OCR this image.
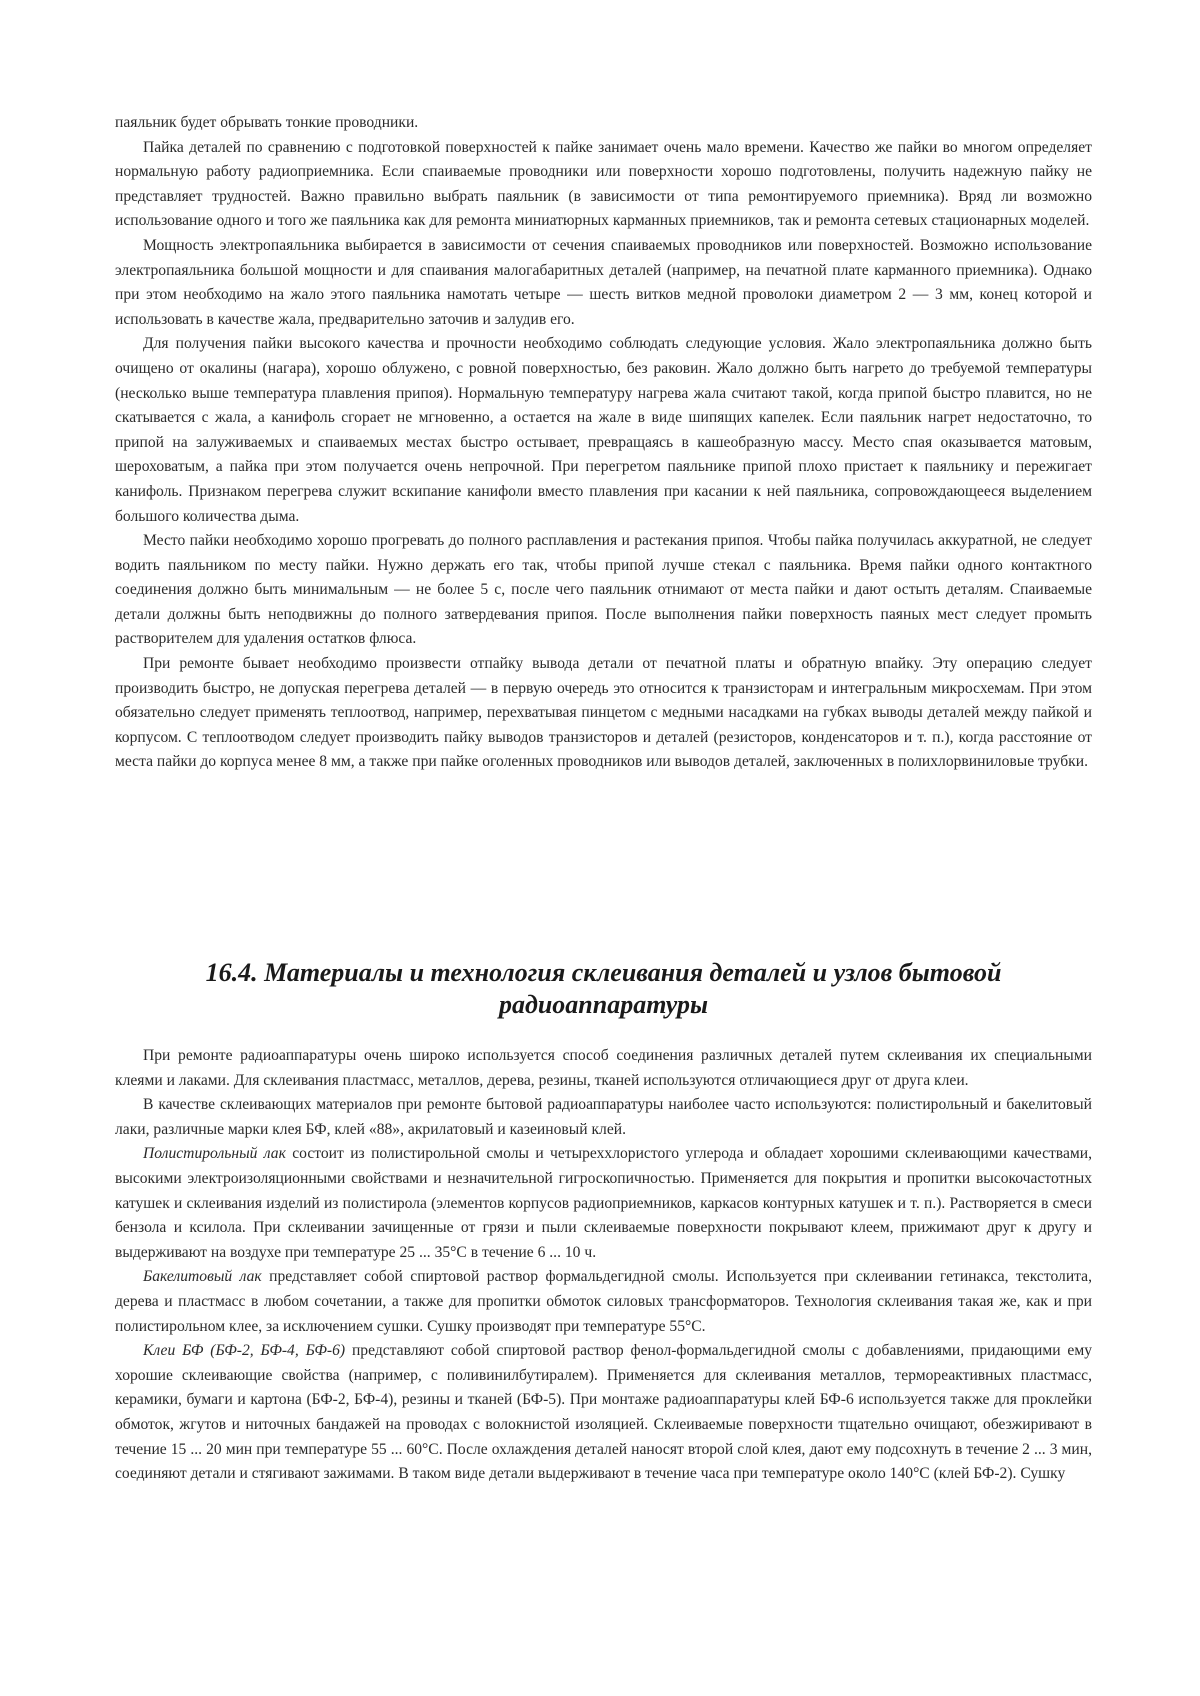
паяльник будет обрывать тонкие проводники.

Пайка деталей по сравнению с подготовкой поверхностей к пайке занимает очень мало времени. Качество же пайки во многом определяет нормальную работу радиоприемника. Если спаиваемые проводники или поверхности хорошо подготовлены, получить надежную пайку не представляет трудностей. Важно правильно выбрать паяльник (в зависимости от типа ремонтируемого приемника). Вряд ли возможно использование одного и того же паяльника как для ремонта миниатюрных карманных приемников, так и ремонта сетевых стационарных моделей.

Мощность электропаяльника выбирается в зависимости от сечения спаиваемых проводников или поверхностей. Возможно использование электропаяльника большой мощности и для спаивания малогабаритных деталей (например, на печатной плате карманного приемника). Однако при этом необходимо на жало этого паяльника намотать четыре — шесть витков медной проволоки диаметром 2 — 3 мм, конец которой и использовать в качестве жала, предварительно заточив и залудив его.

Для получения пайки высокого качества и прочности необходимо соблюдать следующие условия. Жало электропаяльника должно быть очищено от окалины (нагара), хорошо облужено, с ровной поверхностью, без раковин. Жало должно быть нагрето до требуемой температуры (несколько выше температура плавления припоя). Нормальную температуру нагрева жала считают такой, когда припой быстро плавится, но не скатывается с жала, а канифоль сгорает не мгновенно, а остается на жале в виде шипящих капелек. Если паяльник нагрет недостаточно, то припой на залуживаемых и спаиваемых местах быстро остывает, превращаясь в кашеобразную массу. Место спая оказывается матовым, шероховатым, а пайка при этом получается очень непрочной. При перегретом паяльнике припой плохо пристает к паяльнику и пережигает канифоль. Признаком перегрева служит вскипание канифоли вместо плавления при касании к ней паяльника, сопровождающееся выделением большого количества дыма.

Место пайки необходимо хорошо прогревать до полного расплавления и растекания припоя. Чтобы пайка получилась аккуратной, не следует водить паяльником по месту пайки. Нужно держать его так, чтобы припой лучше стекал с паяльника. Время пайки одного контактного соединения должно быть минимальным — не более 5 с, после чего паяльник отнимают от места пайки и дают остыть деталям. Спаиваемые детали должны быть неподвижны до полного затвердевания припоя. После выполнения пайки поверхность паяных мест следует промыть растворителем для удаления остатков флюса.

При ремонте бывает необходимо произвести отпайку вывода детали от печатной платы и обратную впайку. Эту операцию следует производить быстро, не допуская перегрева деталей — в первую очередь это относится к транзисторам и интегральным микросхемам. При этом обязательно следует применять теплоотвод, например, перехватывая пинцетом с медными насадками на губках выводы деталей между пайкой и корпусом. С теплоотводом следует производить пайку выводов транзисторов и деталей (резисторов, конденсаторов и т. п.), когда расстояние от места пайки до корпуса менее 8 мм, а также при пайке оголенных проводников или выводов деталей, заключенных в полихлорвиниловые трубки.

16.4. Материалы и технология склеивания деталей и узлов бытовой
радиоаппаратуры

При ремонте радиоаппаратуры очень широко используется способ соединения различных деталей путем склеивания их специальными клеями и лаками. Для склеивания пластмасс, металлов, дерева, резины, тканей используются отличающиеся друг от друга клеи.

В качестве склеивающих материалов при ремонте бытовой радиоаппаратуры наиболее часто используются: полистирольный и бакелитовый лаки, различные марки клея БФ, клей «88», акрилатовый и казеиновый клей.

Полистирольный лак состоит из полистирольной смолы и четыреххлористого углерода и обладает хорошими склеивающими качествами, высокими электроизоляционными свойствами и незначительной гигроскопичностью. Применяется для покрытия и пропитки высокочастотных катушек и склеивания изделий из полистирола (элементов корпусов радиоприемников, каркасов контурных катушек и т. п.). Растворяется в смеси бензола и ксилола. При склеивании зачищенные от грязи и пыли склеиваемые поверхности покрывают клеем, прижимают друг к другу и выдерживают на воздухе при температуре 25 ... 35°С в течение 6 ... 10 ч.

Бакелитовый лак представляет собой спиртовой раствор формальдегидной смолы. Используется при склеивании гетинакса, текстолита, дерева и пластмасс в любом сочетании, а также для пропитки обмоток силовых трансформаторов. Технология склеивания такая же, как и при полистирольном клее, за исключением сушки. Сушку производят при температуре 55°С.

Клеи БФ (БФ-2, БФ-4, БФ-6) представляют собой спиртовой раствор фенол-формальдегидной смолы с добавлениями, придающими ему хорошие склеивающие свойства (например, с поливинилбутиралем). Применяется для склеивания металлов, термореактивных пластмасс, керамики, бумаги и картона (БФ-2, БФ-4), резины и тканей (БФ-5). При монтаже радиоаппаратуры клей БФ-6 используется также для проклейки обмоток, жгутов и ниточных бандажей на проводах с волокнистой изоляцией. Склеиваемые поверхности тщательно очищают, обезжиривают в течение 15 ... 20 мин при температуре 55 ... 60°С. После охлаждения деталей наносят второй слой клея, дают ему подсохнуть в течение 2 ... 3 мин, соединяют детали и стягивают зажимами. В таком виде детали выдерживают в течение часа при температуре около 140°С (клей БФ-2). Сушку
